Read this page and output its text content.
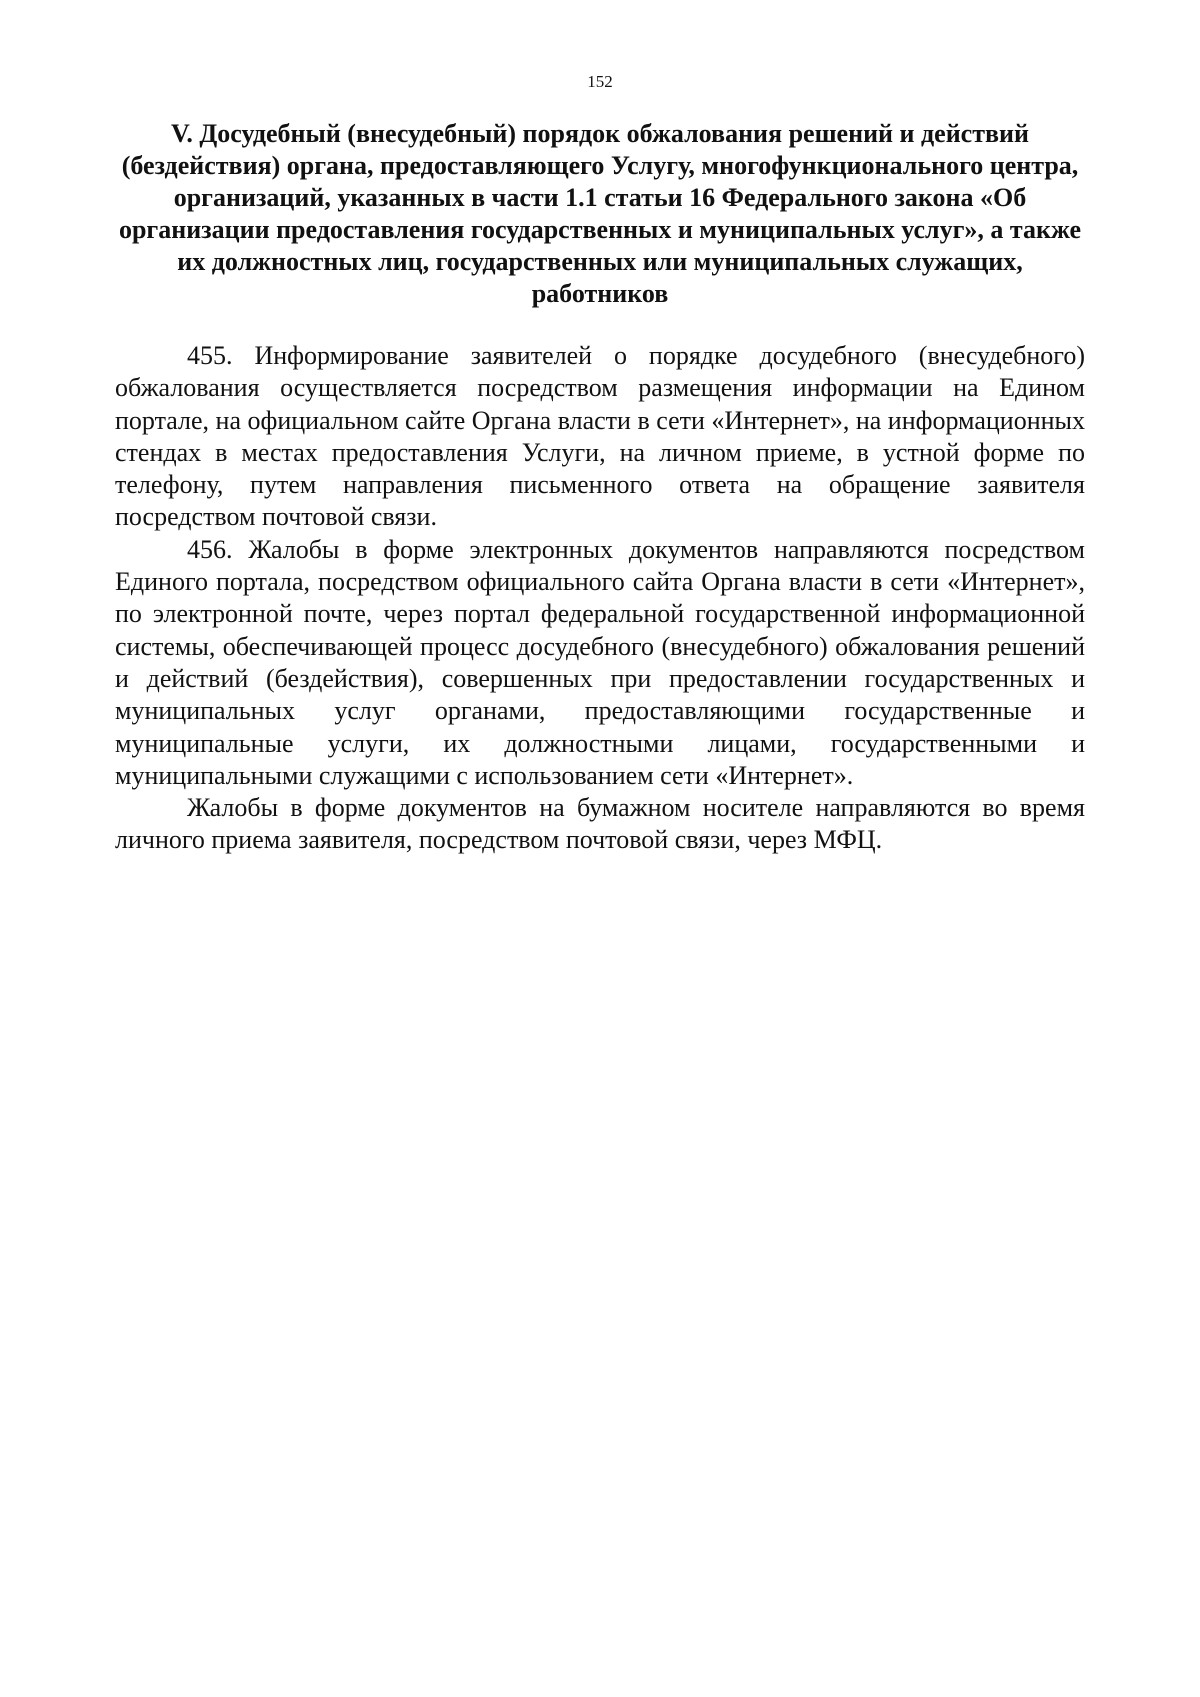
152
V. Досудебный (внесудебный) порядок обжалования решений и действий (бездействия) органа, предоставляющего Услугу, многофункционального центра, организаций, указанных в части 1.1 статьи 16 Федерального закона «Об организации предоставления государственных и муниципальных услуг», а также их должностных лиц, государственных или муниципальных служащих, работников

455. Информирование заявителей о порядке досудебного (внесудебного) обжалования осуществляется посредством размещения информации на Едином портале, на официальном сайте Органа власти в сети «Интернет», на информационных стендах в местах предоставления Услуги, на личном приеме, в устной форме по телефону, путем направления письменного ответа на обращение заявителя посредством почтовой связи.

456. Жалобы в форме электронных документов направляются посредством Единого портала, посредством официального сайта Органа власти в сети «Интернет», по электронной почте, через портал федеральной государственной информационной системы, обеспечивающей процесс досудебного (внесудебного) обжалования решений и действий (бездействия), совершенных при предоставлении государственных и муниципальных услуг органами, предоставляющими государственные и муниципальные услуги, их должностными лицами, государственными и муниципальными служащими с использованием сети «Интернет».

Жалобы в форме документов на бумажном носителе направляются во время личного приема заявителя, посредством почтовой связи, через МФЦ.
